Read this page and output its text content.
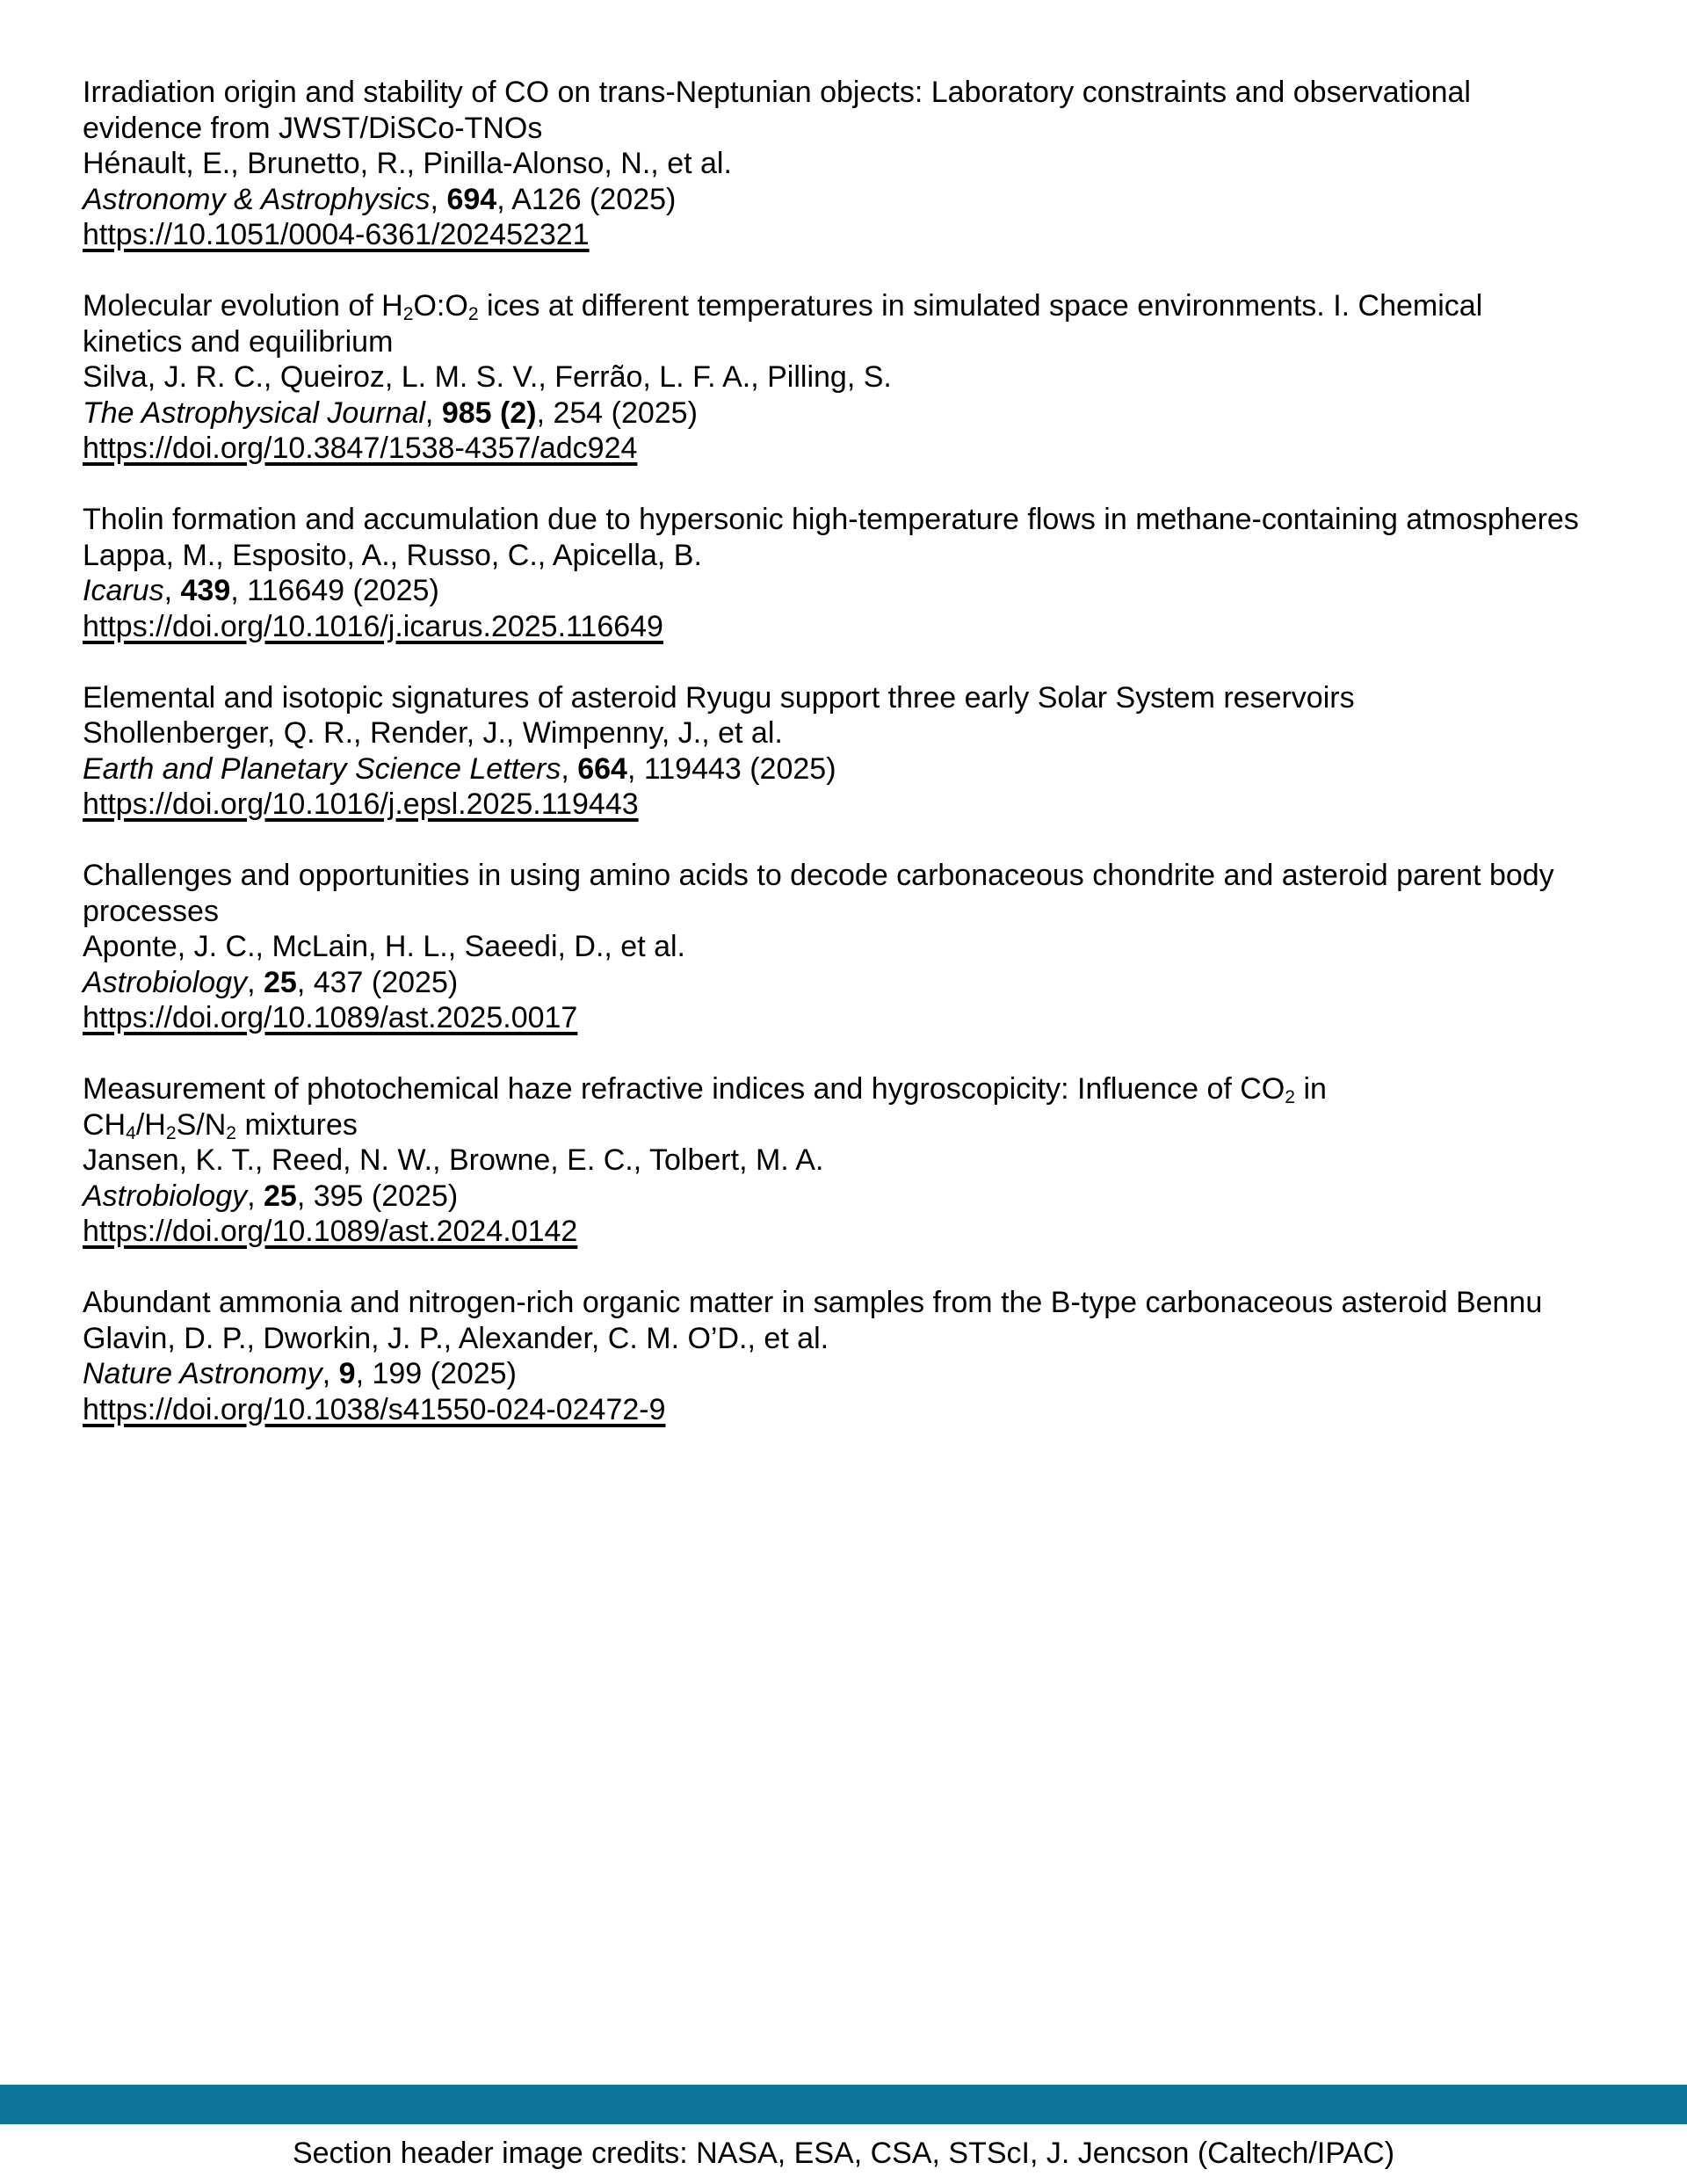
Irradiation origin and stability of CO on trans-Neptunian objects: Laboratory constraints and observational
evidence from JWST/DiSCo-TNOs
Hénault, E., Brunetto, R., Pinilla-Alonso, N., et al.
Astronomy & Astrophysics, 694, A126 (2025)
https://10.1051/0004-6361/202452321
Molecular evolution of H2O:O2 ices at different temperatures in simulated space environments. I. Chemical
kinetics and equilibrium
Silva, J. R. C., Queiroz, L. M. S. V., Ferrão, L. F. A., Pilling, S.
The Astrophysical Journal, 985 (2), 254 (2025)
https://doi.org/10.3847/1538-4357/adc924
Tholin formation and accumulation due to hypersonic high-temperature flows in methane-containing atmospheres
Lappa, M., Esposito, A., Russo, C., Apicella, B.
Icarus, 439, 116649 (2025)
https://doi.org/10.1016/j.icarus.2025.116649
Elemental and isotopic signatures of asteroid Ryugu support three early Solar System reservoirs
Shollenberger, Q. R., Render, J., Wimpenny, J., et al.
Earth and Planetary Science Letters, 664, 119443 (2025)
https://doi.org/10.1016/j.epsl.2025.119443
Challenges and opportunities in using amino acids to decode carbonaceous chondrite and asteroid parent body
processes
Aponte, J. C., McLain, H. L., Saeedi, D., et al.
Astrobiology, 25, 437 (2025)
https://doi.org/10.1089/ast.2025.0017
Measurement of photochemical haze refractive indices and hygroscopicity: Influence of CO2 in
CH4/H2S/N2 mixtures
Jansen, K. T., Reed, N. W., Browne, E. C., Tolbert, M. A.
Astrobiology, 25, 395 (2025)
https://doi.org/10.1089/ast.2024.0142
Abundant ammonia and nitrogen-rich organic matter in samples from the B-type carbonaceous asteroid Bennu
Glavin, D. P., Dworkin, J. P., Alexander, C. M. O’D., et al.
Nature Astronomy, 9, 199 (2025)
https://doi.org/10.1038/s41550-024-02472-9
Section header image credits: NASA, ESA, CSA, STScI, J. Jencson (Caltech/IPAC)
